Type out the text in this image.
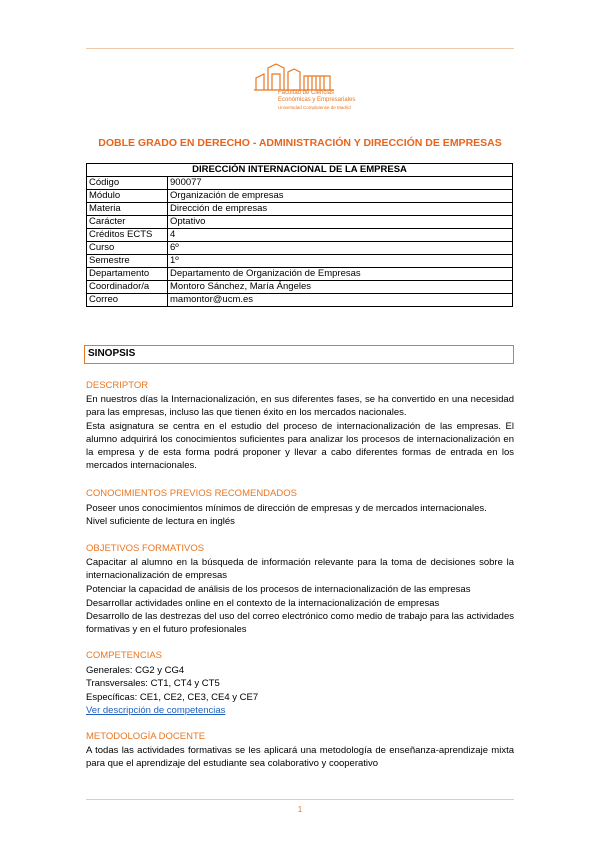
Facultad de Ciencias
Económicas y Empresariales
Universidad Complutense de Madrid
DOBLE GRADO EN DERECHO - ADMINISTRACIÓN Y DIRECCIÓN DE EMPRESAS
DIRECCIÓN INTERNACIONAL DE LA EMPRESA	
Código	900077
Módulo	Organización de empresas
Materia	Dirección de empresas
Carácter	Optativo
Créditos ECTS	4
Curso	6º
Semestre	1º
Departamento	Departamento de Organización de Empresas
Coordinador/a	Montoro Sánchez, María Ángeles
Correo	mamontor@ucm.es
SINOPSIS
DESCRIPTOR
En nuestros días la Internacionalización, en sus diferentes fases, se ha convertido en una necesidad para las empresas, incluso las que tienen éxito en los mercados nacionales.
Esta asignatura se centra en el estudio del proceso de internacionalización de las empresas. El alumno adquirirá los conocimientos suficientes para analizar los procesos de internacionalización en la empresa y de esta forma podrá proponer y llevar a cabo diferentes formas de entrada en los mercados internacionales.
CONOCIMIENTOS PREVIOS RECOMENDADOS
Poseer unos conocimientos mínimos de dirección de empresas y de mercados internacionales.
Nivel suficiente de lectura en inglés
OBJETIVOS FORMATIVOS
Capacitar al alumno en la búsqueda de información relevante para la toma de decisiones sobre la internacionalización de empresas
Potenciar la capacidad de análisis de los procesos de internacionalización de las empresas
Desarrollar actividades online en el contexto de la internacionalización de empresas
Desarrollo de las destrezas del uso del correo electrónico como medio de trabajo para las actividades formativas y en el futuro profesionales
COMPETENCIAS
Generales: CG2 y CG4
Transversales: CT1, CT4 y CT5
Específicas: CE1, CE2, CE3, CE4 y CE7
Ver descripción de competencias
METODOLOGÍA DOCENTE
A todas las actividades formativas se les aplicará una metodología de enseñanza-aprendizaje mixta para que el aprendizaje del estudiante sea colaborativo y cooperativo
1
